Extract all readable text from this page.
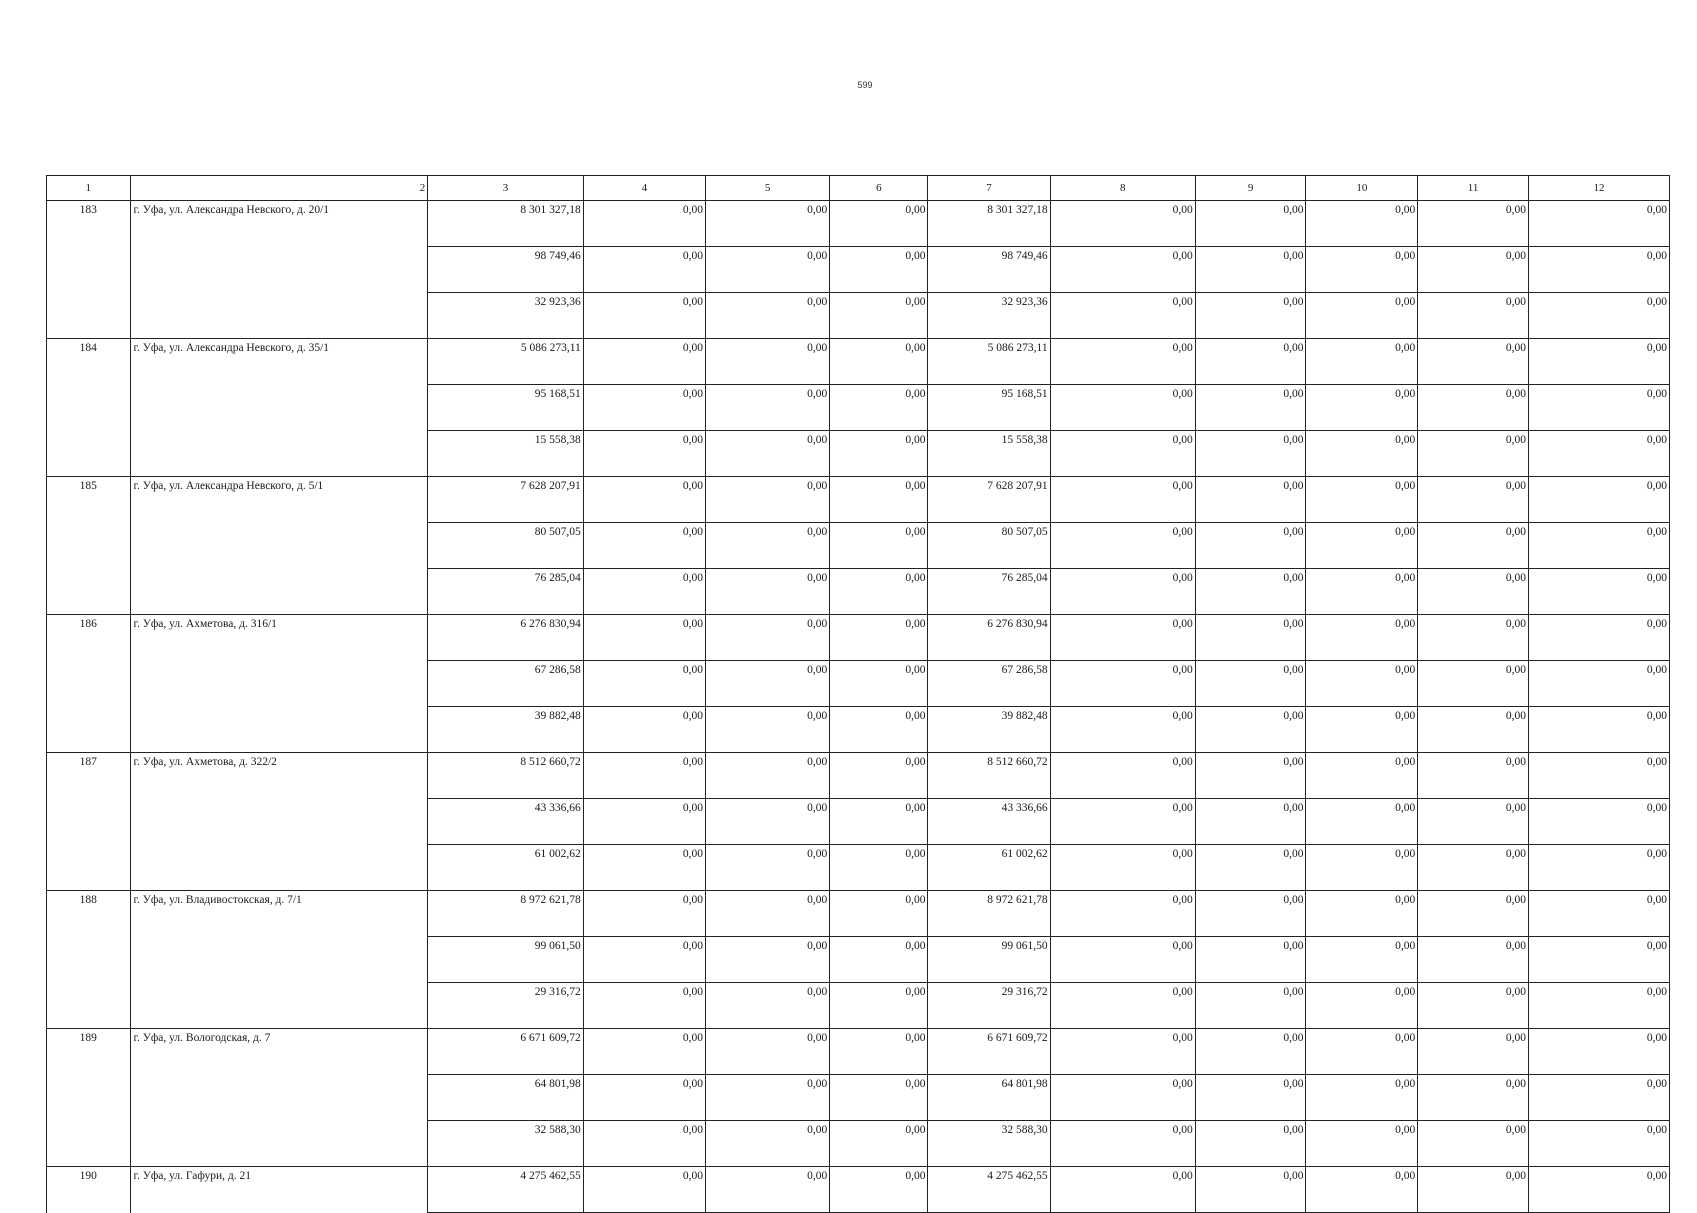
599
1	2	3	4	5	6	7	8	9	10	11	12
183	г. Уфа, ул. Александра Невского, д. 20/1	8 301 327,18	0,00	0,00	0,00	8 301 327,18	0,00	0,00	0,00	0,00	0,00
		98 749,46	0,00	0,00	0,00	98 749,46	0,00	0,00	0,00	0,00	0,00
		32 923,36	0,00	0,00	0,00	32 923,36	0,00	0,00	0,00	0,00	0,00
184	г. Уфа, ул. Александра Невского, д. 35/1	5 086 273,11	0,00	0,00	0,00	5 086 273,11	0,00	0,00	0,00	0,00	0,00
		95 168,51	0,00	0,00	0,00	95 168,51	0,00	0,00	0,00	0,00	0,00
		15 558,38	0,00	0,00	0,00	15 558,38	0,00	0,00	0,00	0,00	0,00
185	г. Уфа, ул. Александра Невского, д. 5/1	7 628 207,91	0,00	0,00	0,00	7 628 207,91	0,00	0,00	0,00	0,00	0,00
		80 507,05	0,00	0,00	0,00	80 507,05	0,00	0,00	0,00	0,00	0,00
		76 285,04	0,00	0,00	0,00	76 285,04	0,00	0,00	0,00	0,00	0,00
186	г. Уфа, ул. Ахметова, д. 316/1	6 276 830,94	0,00	0,00	0,00	6 276 830,94	0,00	0,00	0,00	0,00	0,00
		67 286,58	0,00	0,00	0,00	67 286,58	0,00	0,00	0,00	0,00	0,00
		39 882,48	0,00	0,00	0,00	39 882,48	0,00	0,00	0,00	0,00	0,00
187	г. Уфа, ул. Ахметова, д. 322/2	8 512 660,72	0,00	0,00	0,00	8 512 660,72	0,00	0,00	0,00	0,00	0,00
		43 336,66	0,00	0,00	0,00	43 336,66	0,00	0,00	0,00	0,00	0,00
		61 002,62	0,00	0,00	0,00	61 002,62	0,00	0,00	0,00	0,00	0,00
188	г. Уфа, ул. Владивостокская, д. 7/1	8 972 621,78	0,00	0,00	0,00	8 972 621,78	0,00	0,00	0,00	0,00	0,00
		99 061,50	0,00	0,00	0,00	99 061,50	0,00	0,00	0,00	0,00	0,00
		29 316,72	0,00	0,00	0,00	29 316,72	0,00	0,00	0,00	0,00	0,00
189	г. Уфа, ул. Вологодская, д. 7	6 671 609,72	0,00	0,00	0,00	6 671 609,72	0,00	0,00	0,00	0,00	0,00
		64 801,98	0,00	0,00	0,00	64 801,98	0,00	0,00	0,00	0,00	0,00
		32 588,30	0,00	0,00	0,00	32 588,30	0,00	0,00	0,00	0,00	0,00
190	г. Уфа, ул. Гафури, д. 21	4 275 462,55	0,00	0,00	0,00	4 275 462,55	0,00	0,00	0,00	0,00	0,00
